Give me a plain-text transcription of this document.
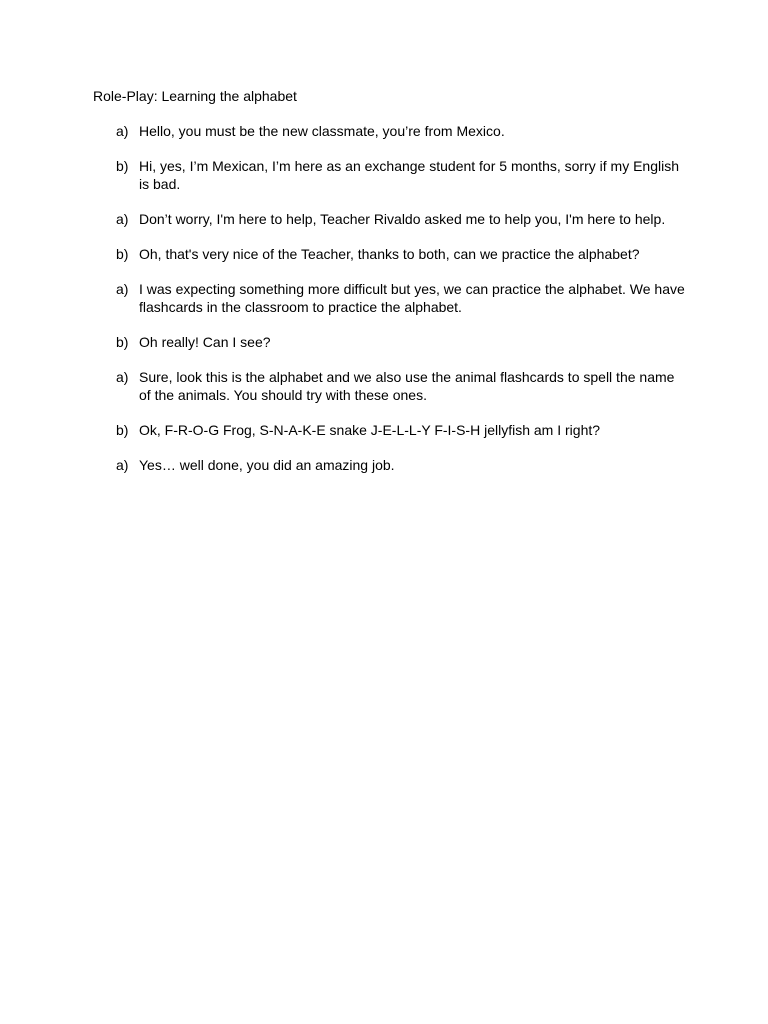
Role-Play: Learning the alphabet
a) Hello, you must be the new classmate, you’re from Mexico.
b) Hi, yes, I’m Mexican, I’m here as an exchange student for 5 months, sorry if my English is bad.
a) Don’t worry, I'm here to help, Teacher Rivaldo asked me to help you, I'm here to help.
b) Oh, that's very nice of the Teacher, thanks to both, can we practice the alphabet?
a) I was expecting something more difficult but yes, we can practice the alphabet. We have flashcards in the classroom to practice the alphabet.
b) Oh really! Can I see?
a) Sure, look this is the alphabet and we also use the animal flashcards to spell the name of the animals. You should try with these ones.
b) Ok, F-R-O-G Frog, S-N-A-K-E snake J-E-L-L-Y F-I-S-H jellyfish am I right?
a) Yes… well done, you did an amazing job.
